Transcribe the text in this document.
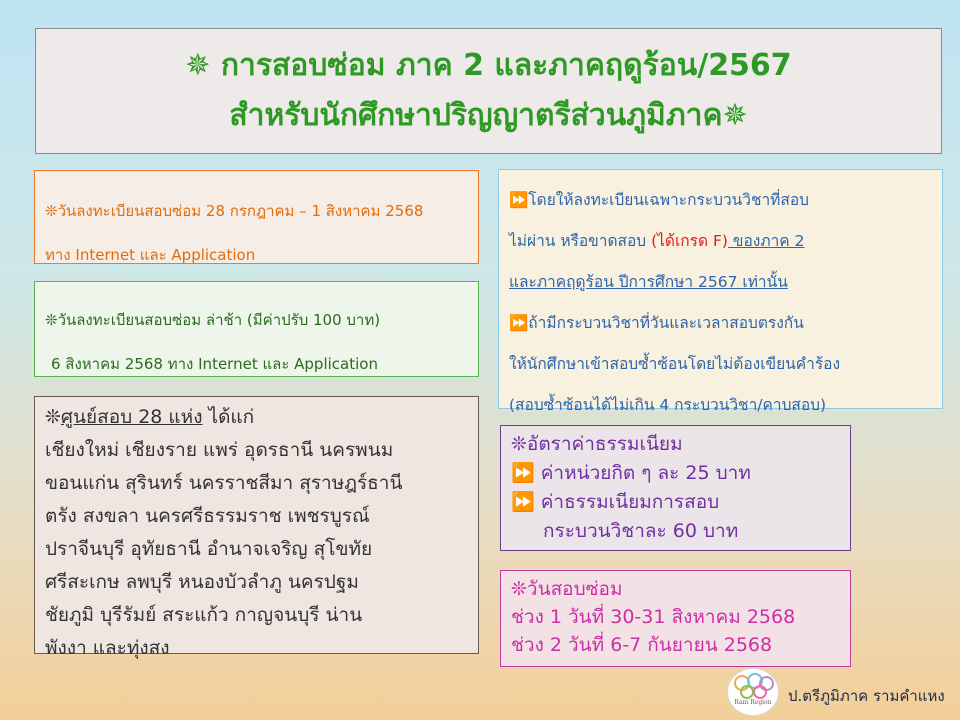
✵ การสอบซ่อม ภาค 2 และภาคฤดูร้อน/2567
สำหรับนักศึกษาปริญญาตรีส่วนภูมิภาค✵
❊วันลงทะเบียนสอบซ่อม 28 กรกฎาคม – 1 สิงหาคม 2568
ทาง Internet และ Application
❊วันลงทะเบียนสอบซ่อม ล่าช้า (มีค่าปรับ 100 บาท)
6 สิงหาคม 2568 ทาง Internet และ Application
⏩โดยให้ลงทะเบียนเฉพาะกระบวนวิชาที่สอบ
ไม่ผ่าน หรือขาดสอบ (ได้เกรด F) ของภาค 2
และภาคฤดูร้อน ปีการศึกษา 2567 เท่านั้น
⏩ถ้ามีกระบวนวิชาที่วันและเวลาสอบตรงกัน
ให้นักศึกษาเข้าสอบซ้ำซ้อนโดยไม่ต้องเขียนคำร้อง
(สอบซ้ำซ้อนได้ไม่เกิน 4 กระบวนวิชา/คาบสอบ)
❊ศูนย์สอบ 28 แห่ง ได้แก่
เชียงใหม่ เชียงราย แพร่ อุดรธานี นครพนม
ขอนแก่น สุรินทร์ นครราชสีมา สุราษฎร์ธานี
ตรัง สงขลา นครศรีธรรมราช เพชรบูรณ์
ปราจีนบุรี อุทัยธานี อำนาจเจริญ สุโขทัย
ศรีสะเกษ ลพบุรี หนองบัวลำภู นครปฐม
ชัยภูมิ บุรีรัมย์ สระแก้ว กาญจนบุรี น่าน
พังงา และทุ่งสง
❊อัตราค่าธรรมเนียม
⏩ ค่าหน่วยกิต ๆ ละ 25 บาท
⏩ ค่าธรรมเนียมการสอบ
กระบวนวิชาละ 60 บาท
❊วันสอบซ่อม
ช่วง 1 วันที่ 30-31 สิงหาคม 2568
ช่วง 2 วันที่ 6-7 กันยายน 2568
Ram Region	ป.ตรีภูมิภาค รามคำแหง
